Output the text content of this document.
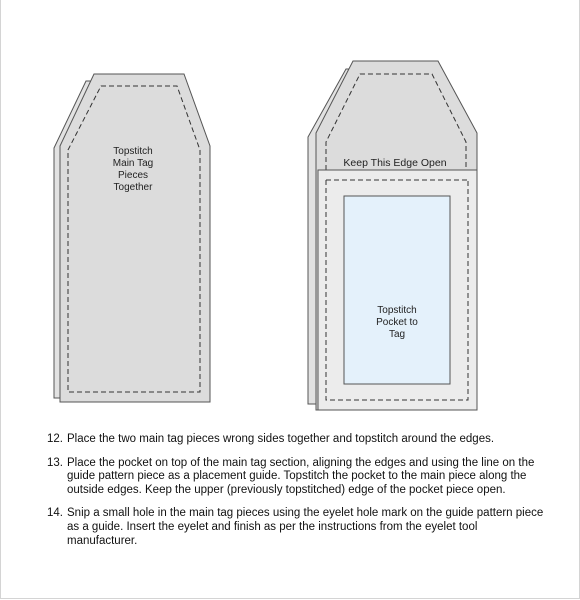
Topstitch
Main Tag
Pieces
Together
Keep This Edge Open
Topstitch
Pocket to
Tag
12. Place the two main tag pieces wrong sides together and topstitch around the edges.
13. Place the pocket on top of the main tag section, aligning the edges and using the line on the guide pattern piece as a placement guide. Topstitch the pocket to the main piece along the outside edges. Keep the upper (previously topstitched) edge of the pocket piece open.
14. Snip a small hole in the main tag pieces using the eyelet hole mark on the guide pattern piece as a guide. Insert the eyelet and finish as per the instructions from the eyelet tool manufacturer.
